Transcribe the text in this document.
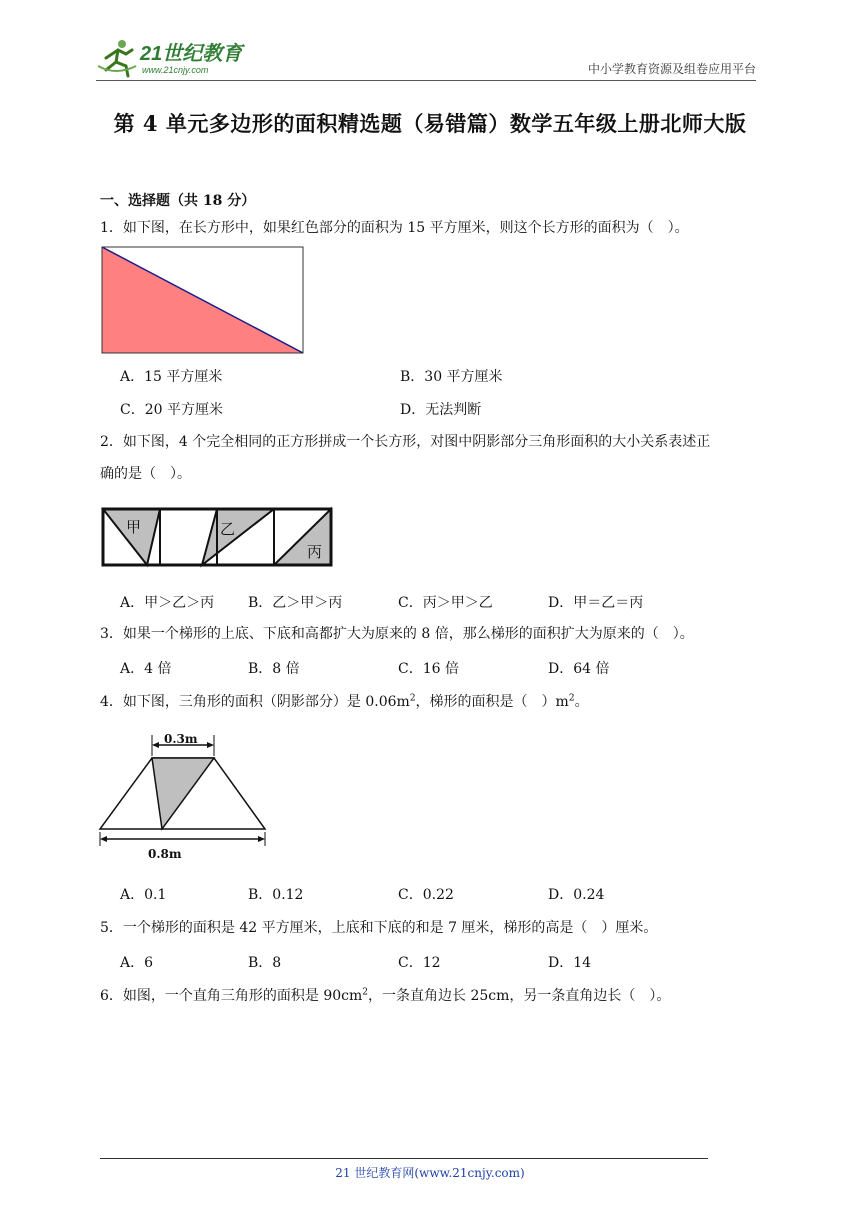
21世纪教育
www.21cnjy.com	中小学教育资源及组卷应用平台
第 4 单元多边形的面积精选题（易错篇）数学五年级上册北师大版
一、选择题（共 18 分）
1．如下图，在长方形中，如果红色部分的面积为 15 平方厘米，则这个长方形的面积为（　）。
A．15 平方厘米	B．30 平方厘米
C．20 平方厘米	D．无法判断
2．如下图，4 个完全相同的正方形拼成一个长方形，对图中阴影部分三角形面积的大小关系表述正
确的是（　）。
甲	乙
丙
A．甲＞乙＞丙 B．乙＞甲＞丙	C．丙＞甲＞乙	D．甲＝乙＝丙
3．如果一个梯形的上底、下底和高都扩大为原来的 8 倍，那么梯形的面积扩大为原来的（　）。
A．4 倍	B．8 倍	C．16 倍	D．64 倍
4．如下图，三角形的面积（阴影部分）是 $0.06m^2$，梯形的面积是（　）$m^2$。
0.3m
0.8m
A．0.1	B．0.12	C．0.22	D．0.24
5．一个梯形的面积是 42 平方厘米，上底和下底的和是 7 厘米，梯形的高是（　）厘米。
A．6	B．8	C．12	D．14
6．如图，一个直角三角形的面积是 $90cm^2$，一条直角边长 25cm，另一条直角边长（　）。
21 世纪教育网(www.21cnjy.com)
